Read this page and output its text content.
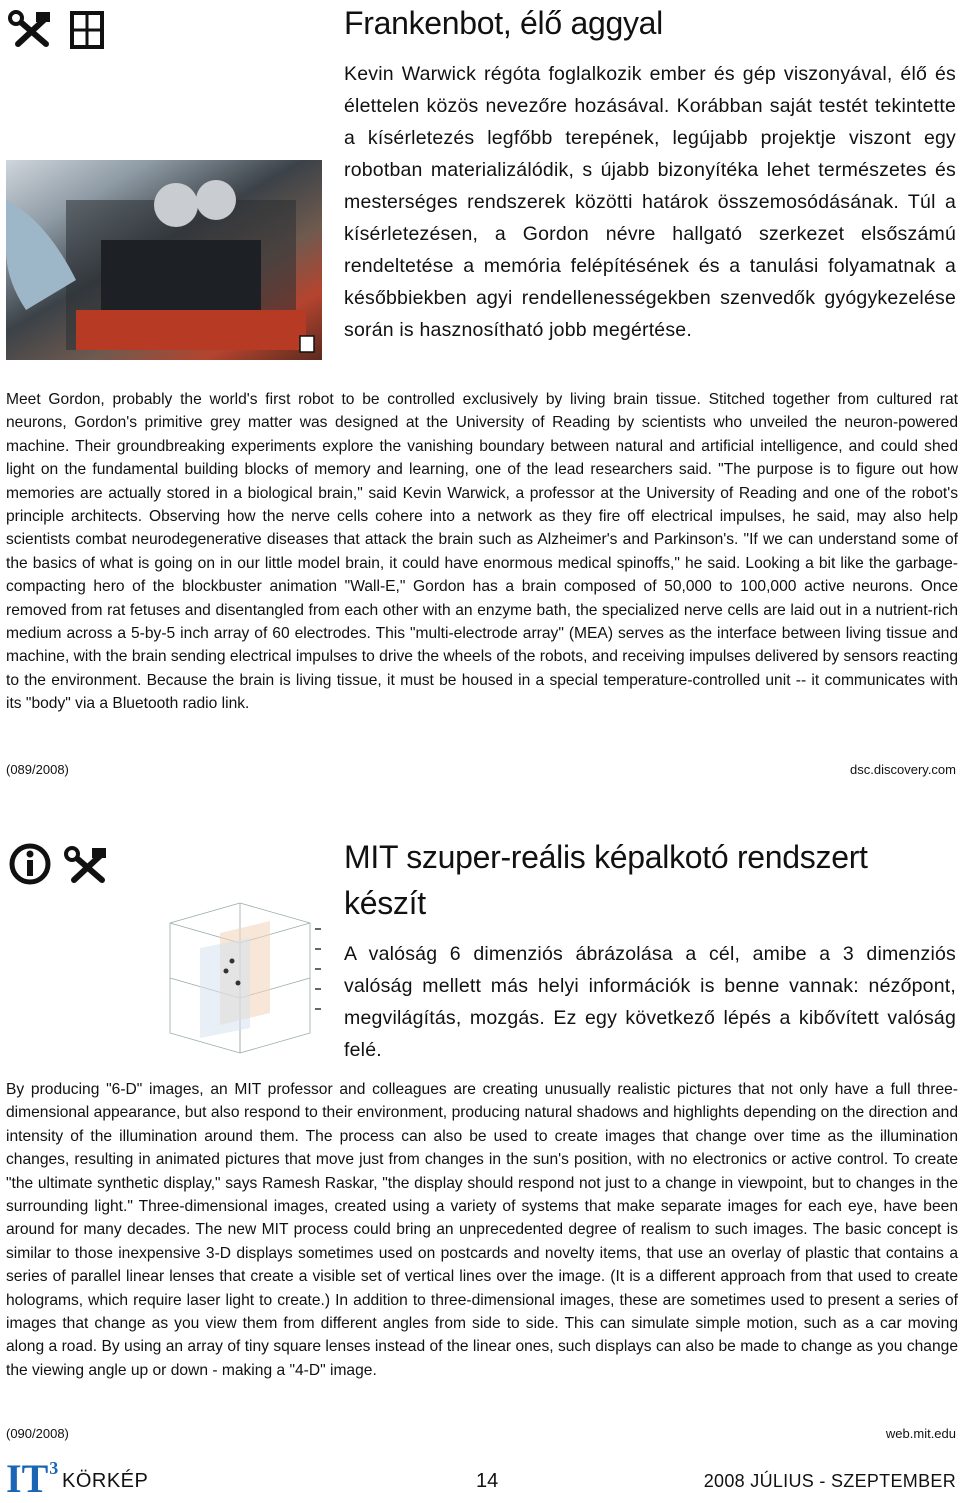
Frankenbot, élő aggyal
Kevin Warwick régóta foglalkozik ember és gép viszonyával, élő és élettelen közös nevezőre hozásával. Korábban saját testét tekintette a kísérletezés legfőbb terepének, legújabb projektje viszont egy robotban materializálódik, s újabb bizonyítéka lehet természetes és mesterséges rendszerek közötti határok összemosódásának. Túl a kísérletezésen, a Gordon névre hallgató szerkezet elsőszámú rendeltetése a memória felépítésének és a tanulási folyamatnak a későbbiekben agyi rendellenességekben szenvedők gyógykezelése során is hasznosítható jobb megértése.
Meet Gordon, probably the world's first robot to be controlled exclusively by living brain tissue. Stitched together from cultured rat neurons, Gordon's primitive grey matter was designed at the University of Reading by scientists who unveiled the neuron-powered machine. Their groundbreaking experiments explore the vanishing boundary between natural and artificial intelligence, and could shed light on the fundamental building blocks of memory and learning, one of the lead researchers said. "The purpose is to figure out how memories are actually stored in a biological brain," said Kevin Warwick, a professor at the University of Reading and one of the robot's principle architects. Observing how the nerve cells cohere into a network as they fire off electrical impulses, he said, may also help scientists combat neurodegenerative diseases that attack the brain such as Alzheimer's and Parkinson's. "If we can understand some of the basics of what is going on in our little model brain, it could have enormous medical spinoffs," he said. Looking a bit like the garbage-compacting hero of the blockbuster animation "Wall-E," Gordon has a brain composed of 50,000 to 100,000 active neurons. Once removed from rat fetuses and disentangled from each other with an enzyme bath, the specialized nerve cells are laid out in a nutrient-rich medium across a 5-by-5 inch array of 60 electrodes. This "multi-electrode array" (MEA) serves as the interface between living tissue and machine, with the brain sending electrical impulses to drive the wheels of the robots, and receiving impulses delivered by sensors reacting to the environment. Because the brain is living tissue, it must be housed in a special temperature-controlled unit -- it communicates with its "body" via a Bluetooth radio link.
(089/2008)	dsc.discovery.com

MIT szuper-reális képalkotó rendszert készít
A valóság 6 dimenziós ábrázolása a cél, amibe a 3 dimenziós valóság mellett más helyi információk is benne vannak: nézőpont, megvilágítás, mozgás. Ez egy következő lépés a kibővített valóság felé.
By producing "6-D" images, an MIT professor and colleagues are creating unusually realistic pictures that not only have a full three-dimensional appearance, but also respond to their environment, producing natural shadows and highlights depending on the direction and intensity of the illumination around them. The process can also be used to create images that change over time as the illumination changes, resulting in animated pictures that move just from changes in the sun's position, with no electronics or active control. To create "the ultimate synthetic display," says Ramesh Raskar, "the display should respond not just to a change in viewpoint, but to changes in the surrounding light." Three-dimensional images, created using a variety of systems that make separate images for each eye, have been around for many decades. The new MIT process could bring an unprecedented degree of realism to such images. The basic concept is similar to those inexpensive 3-D displays sometimes used on postcards and novelty items, that use an overlay of plastic that contains a series of parallel linear lenses that create a visible set of vertical lines over the image. (It is a different approach from that used to create holograms, which require laser light to create.) In addition to three-dimensional images, these are sometimes used to present a series of images that change as you view them from different angles from side to side. This can simulate simple motion, such as a car moving along a road. By using an array of tiny square lenses instead of the linear ones, such displays can also be made to change as you change the viewing angle up or down - making a "4-D" image.
(090/2008)	web.mit.edu
IT 3
KÖRKÉP	14	2008 JÚLIUS - SZEPTEMBER
